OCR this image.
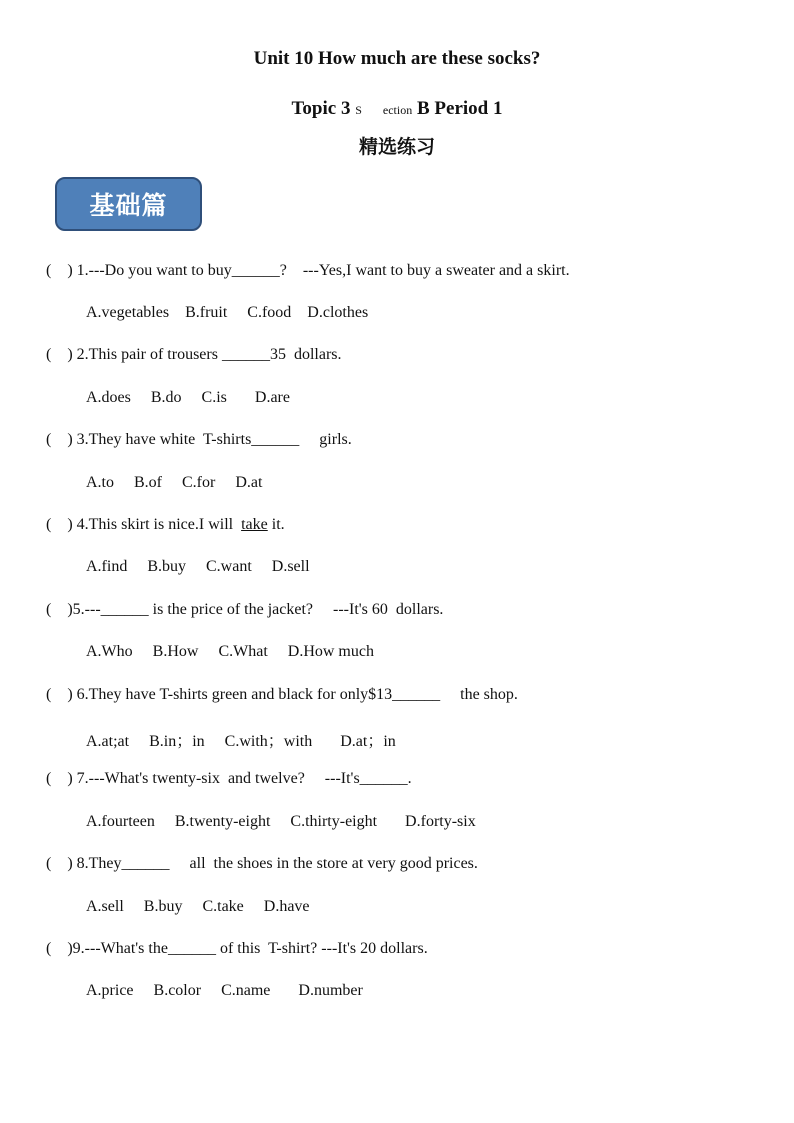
Unit 10 How much are these socks?
Topic 3 S ection B Period 1
精选练习
基础篇
(    ) 1.---Do you want to buy______?    ---Yes,I want to buy a sweater and a skirt.
A.vegetables    B.fruit     C.food    D.clothes
(    ) 2.This pair of trousers ______35  dollars.
A.does     B.do     C.is       D.are
(    ) 3.They have white  T-shirts______     girls.
A.to     B.of     C.for     D.at
(    ) 4.This skirt is nice.I will  take it.
A.find     B.buy     C.want     D.sell
(    )5.---______ is the price of the jacket?     ---It's 60  dollars.
A.Who     B.How     C.What     D.How much
(    ) 6.They have T-shirts green and black for only$13______     the shop.
A.at;at     B.in；in     C.with；with       D.at；in
(    ) 7.---What's twenty-six  and twelve?     ---It's______.
A.fourteen     B.twenty-eight     C.thirty-eight       D.forty-six
(    ) 8.They______     all  the shoes in the store at very good prices.
A.sell     B.buy     C.take     D.have
(    )9.---What's the______ of this  T-shirt? ---It's 20 dollars.
A.price     B.color     C.name       D.number
